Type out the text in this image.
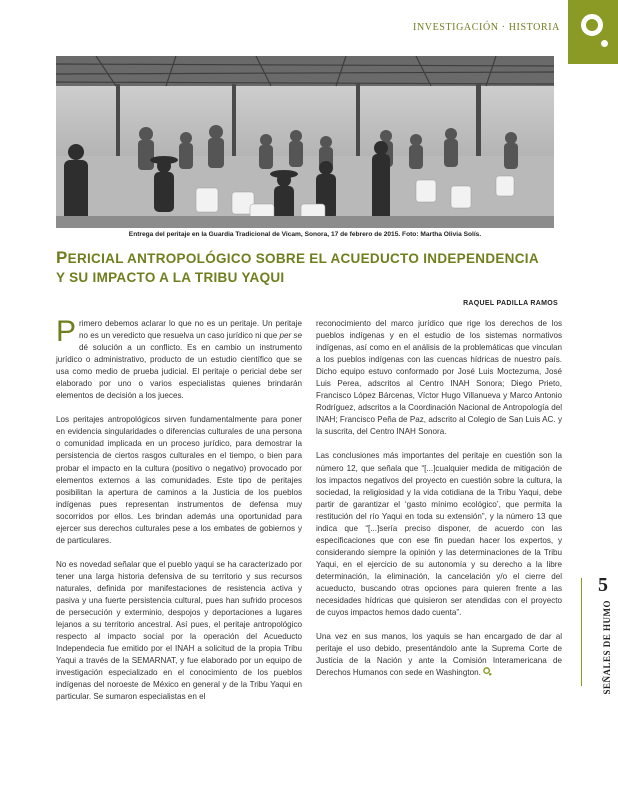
INVESTIGACIÓN · HISTORIA
Entrega del peritaje en la Guardia Tradicional de Vicam, Sonora, 17 de febrero de 2015. Foto: Martha Olivia Solís.
PERICIAL ANTROPOLÓGICO SOBRE EL ACUEDUCTO INDEPENDENCIA
Y SU IMPACTO A LA TRIBU YAQUI
RAQUEL PADILLA RAMOS

Primero debemos aclarar lo que no es un peritaje. Un peritaje no es un veredicto que resuelva un caso jurídico ni que per se dé solución a un conflicto. Es en cambio un instrumento jurídico o administrativo, producto de un estudio científico que se usa como medio de prueba judicial. El peritaje o pericial debe ser elaborado por uno o varios especialistas quienes brindarán elementos de decisión a los jueces.

Los peritajes antropológicos sirven fundamentalmente para poner en evidencia singularidades o diferencias culturales de una persona o comunidad implicada en un proceso jurídico, para demostrar la persistencia de ciertos rasgos culturales en el tiempo, o bien para probar el impacto en la cultura (positivo o negativo) provocado por elementos externos a las comunidades. Este tipo de peritajes posibilitan la apertura de caminos a la Justicia de los pueblos indígenas pues representan instrumentos de defensa muy socorridos por ellos. Les brindan además una oportunidad para ejercer sus derechos culturales pese a los embates de gobiernos y de particulares.

No es novedad señalar que el pueblo yaqui se ha caracterizado por tener una larga historia defensiva de su territorio y sus recursos naturales, definida por manifestaciones de resistencia activa y pasiva y una fuerte persistencia cultural, pues han sufrido procesos de persecución y exterminio, despojos y deportaciones a lugares lejanos a su territorio ancestral. Así pues, el peritaje antropológico respecto al impacto social por la operación del Acueducto Independecia fue emitido por el INAH a solicitud de la propia Tribu Yaqui a través de la SEMARNAT, y fue elaborado por un equipo de investigación especializado en el conocimiento de los pueblos indígenas del noroeste de México en general y de la Tribu Yaqui en particular. Se sumaron especialistas en el

reconocimiento del marco jurídico que rige los derechos de los pueblos indígenas y en el estudio de los sistemas normativos indígenas, así como en el análisis de la problemáticas que vinculan a los pueblos indígenas con las cuencas hídricas de nuestro país. Dicho equipo estuvo conformado por José Luis Moctezuma, José Luis Perea, adscritos al Centro INAH Sonora; Diego Prieto, Francisco López Bárcenas, Víctor Hugo Villanueva y Marco Antonio Rodríguez, adscritos a la Coordinación Nacional de Antropología del INAH; Francisco Peña de Paz, adscrito al Colegio de San Luis AC. y la suscrita, del Centro INAH Sonora.

Las conclusiones más importantes del peritaje en cuestión son la número 12, que señala que “[...]cualquier medida de mitigación de los impactos negativos del proyecto en cuestión sobre la cultura, la sociedad, la religiosidad y la vida cotidiana de la Tribu Yaqui, debe partir de garantizar el ‘gasto mínimo ecológico’, que permita la restitución del río Yaqui en toda su extensión”, y la número 13 que indica que “[...]sería preciso disponer, de acuerdo con las especificaciones que con ese fin puedan hacer los expertos, y considerando siempre la opinión y las determinaciones de la Tribu Yaqui, en el ejercicio de su autonomía y su derecho a la libre determinación, la eliminación, la cancelación y/o el cierre del acueducto, buscando otras opciones para quieren frente a las necesidades hídricas que quisieron ser atendidas con el proyecto de cuyos impactos hemos dado cuenta”.

Una vez en sus manos, los yaquis se han encargado de dar al peritaje el uso debido, presentándolo ante la Suprema Corte de Justicia de la Nación y ante la Comisión Interamericana de Derechos Humanos con sede en Washington.

5
SEÑALES DE HUMO
